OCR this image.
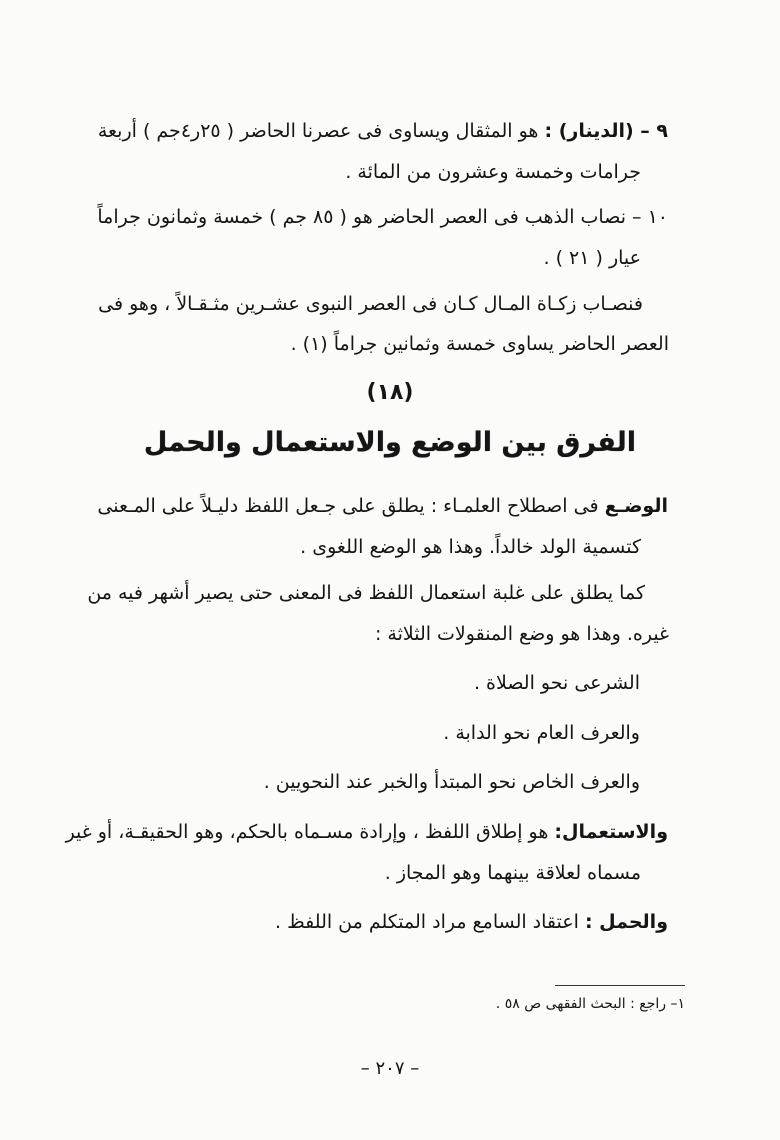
٩ – (الدينار) : هو المثقال ويساوى فى عصرنا الحاضر ( ٢٥ر٤جم ) أربعة
جرامات وخمسة وعشرون من المائة .
١٠ – نصاب الذهب فى العصر الحاضر هو ( ٨٥ جم ) خمسة وثمانون جراماً
عيار ( ٢١ ) .
فنصـاب زكـاة المـال كـان فى العصر النبوى عشـرين مثـقـالاً ، وهو فى
العصر الحاضر يساوى خمسة وثمانين جراماً (١) .
(١٨)
الفرق بين الوضع والاستعمال والحمل
الوضـع فى اصطلاح العلمـاء : يطلق على جـعل اللفظ دليـلاً على المـعنى
كتسمية الولد خالداً. وهذا هو الوضع اللغوى .
كما يطلق على غلبة استعمال اللفظ فى المعنى حتى يصير أشهر فيه من
غيره. وهذا هو وضع المنقولات الثلاثة :
الشرعى نحو الصلاة .
والعرف العام نحو الدابة .
والعرف الخاص نحو المبتدأ والخبر عند النحويين .
والاستعمال: هو إطلاق اللفظ ، وإرادة مسـماه بالحكم، وهو الحقيقـة، أو غير
مسماه لعلاقة بينهما وهو المجاز .
والحمل : اعتقاد السامع مراد المتكلم من اللفظ .
١– راجع : البحث الفقهى ص ٥٨ .
– ٢٠٧ –
